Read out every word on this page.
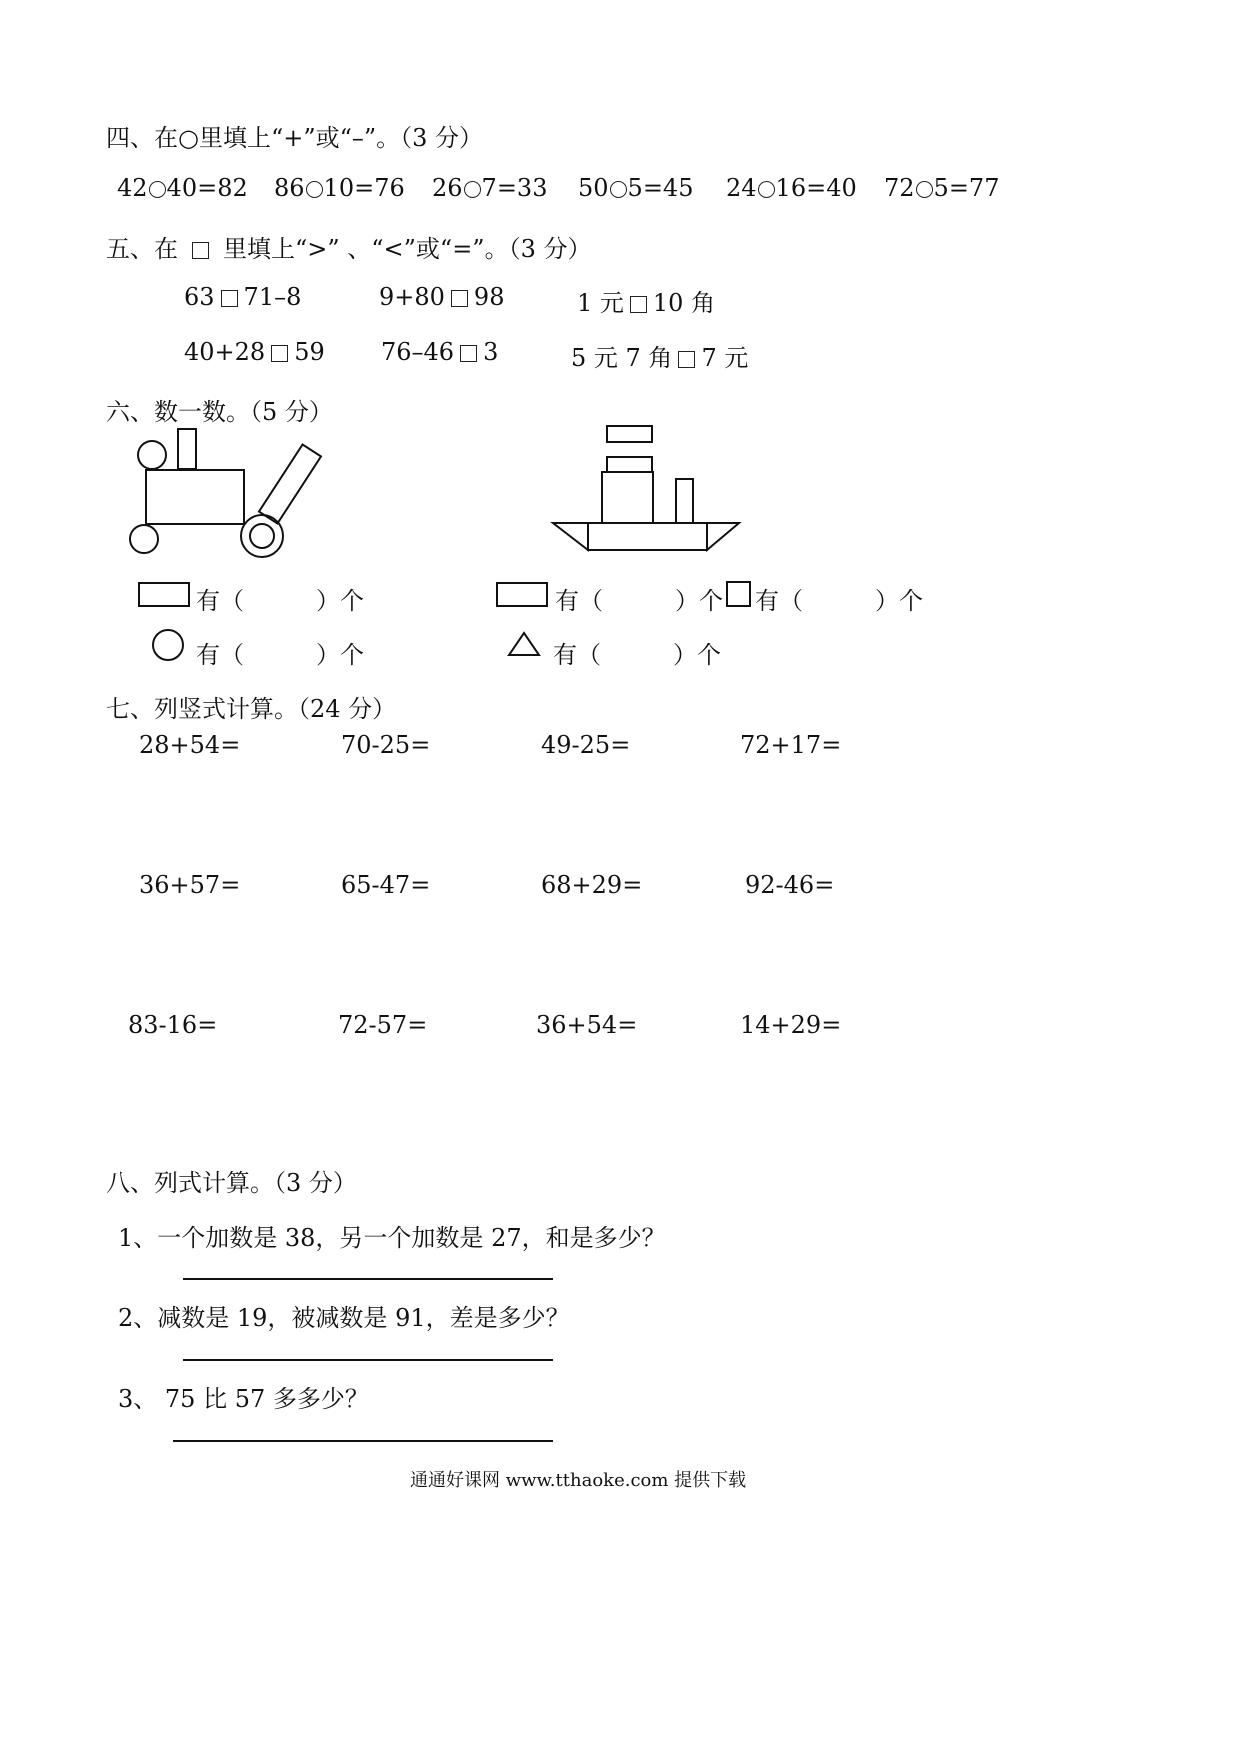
四、在○里填上“+”或“–”。（3 分）
42 40=82 86 10=76 26 7=33 50 5=45 24 16=40 72 5=77
五、在 里填上“>” 、“<”或“=”。（3 分）
63 71–8	9+80 98	1 元 10 角
40+28 59 76–46 3	5 元 7 角 7 元
六、数一数。（5 分）
有（	）个
有（	）个
有（	）个 有（	）个
有（	）个
七、列竖式计算。（24 分）
28+54=	70-25=	49-25=	72+17=
36+57=	65-47=	68+29=	92-46=
83-16=	72-57=	36+54=	14+29=
八、列式计算。（3 分）
1、一个加数是 38，另一个加数是 27，和是多少？
2、减数是 19，被减数是 91，差是多少？
3、 75 比 57 多多少？
通通好课网 www.tthaoke.com 提供下载
